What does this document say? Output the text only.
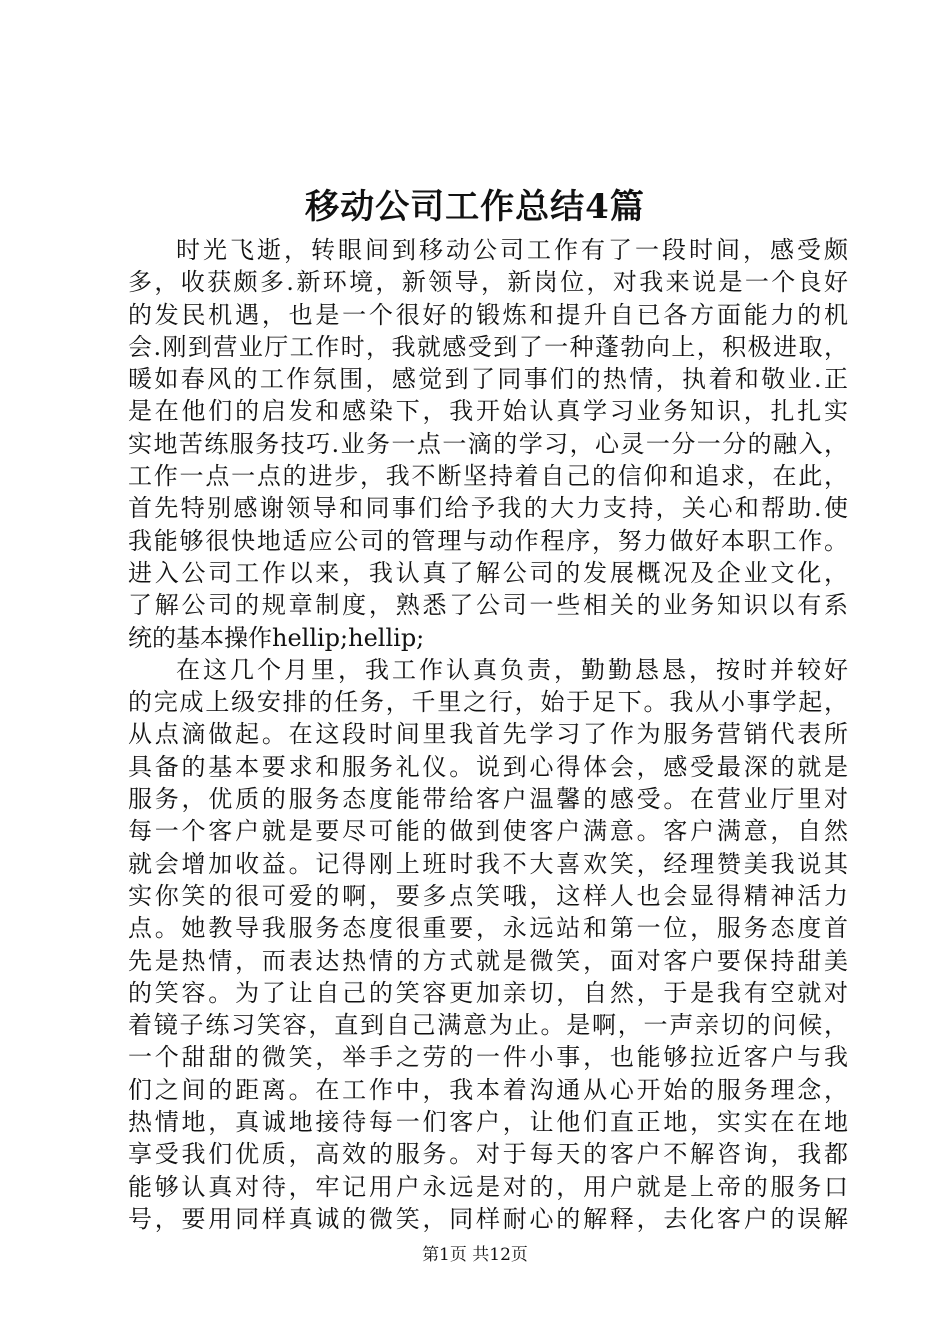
移动公司工作总结4篇
时光飞逝，转眼间到移动公司工作有了一段时间，感受颇
多，收获颇多.新环境，新领导，新岗位，对我来说是一个良好
的发民机遇，也是一个很好的锻炼和提升自已各方面能力的机
会.刚到营业厅工作时，我就感受到了一种蓬勃向上，积极进取，
暖如春风的工作氛围，感觉到了同事们的热情，执着和敬业.正
是在他们的启发和感染下，我开始认真学习业务知识，扎扎实
实地苦练服务技巧.业务一点一滴的学习，心灵一分一分的融入，
工作一点一点的进步，我不断坚持着自己的信仰和追求，在此，
首先特别感谢领导和同事们给予我的大力支持，关心和帮助.使
我能够很快地适应公司的管理与动作程序，努力做好本职工作。
进入公司工作以来，我认真了解公司的发展概况及企业文化，
了解公司的规章制度，熟悉了公司一些相关的业务知识以有系
统的基本操作hellip;hellip;
在这几个月里，我工作认真负责，勤勤恳恳，按时并较好
的完成上级安排的任务，千里之行，始于足下。我从小事学起，
从点滴做起。在这段时间里我首先学习了作为服务营销代表所
具备的基本要求和服务礼仪。说到心得体会，感受最深的就是
服务，优质的服务态度能带给客户温馨的感受。在营业厅里对
每一个客户就是要尽可能的做到使客户满意。客户满意，自然
就会增加收益。记得刚上班时我不大喜欢笑，经理赞美我说其
实你笑的很可爱的啊，要多点笑哦，这样人也会显得精神活力
点。她教导我服务态度很重要，永远站和第一位，服务态度首
先是热情，而表达热情的方式就是微笑，面对客户要保持甜美
的笑容。为了让自己的笑容更加亲切，自然，于是我有空就对
着镜子练习笑容，直到自己满意为止。是啊，一声亲切的问候，
一个甜甜的微笑，举手之劳的一件小事，也能够拉近客户与我
们之间的距离。在工作中，我本着沟通从心开始的服务理念，
热情地，真诚地接待每一们客户，让他们直正地，实实在在地
享受我们优质，高效的服务。对于每天的客户不解咨询，我都
能够认真对待，牢记用户永远是对的，用户就是上帝的服务口
号，要用同样真诚的微笑，同样耐心的解释，去化客户的误解
第1页 共12页
